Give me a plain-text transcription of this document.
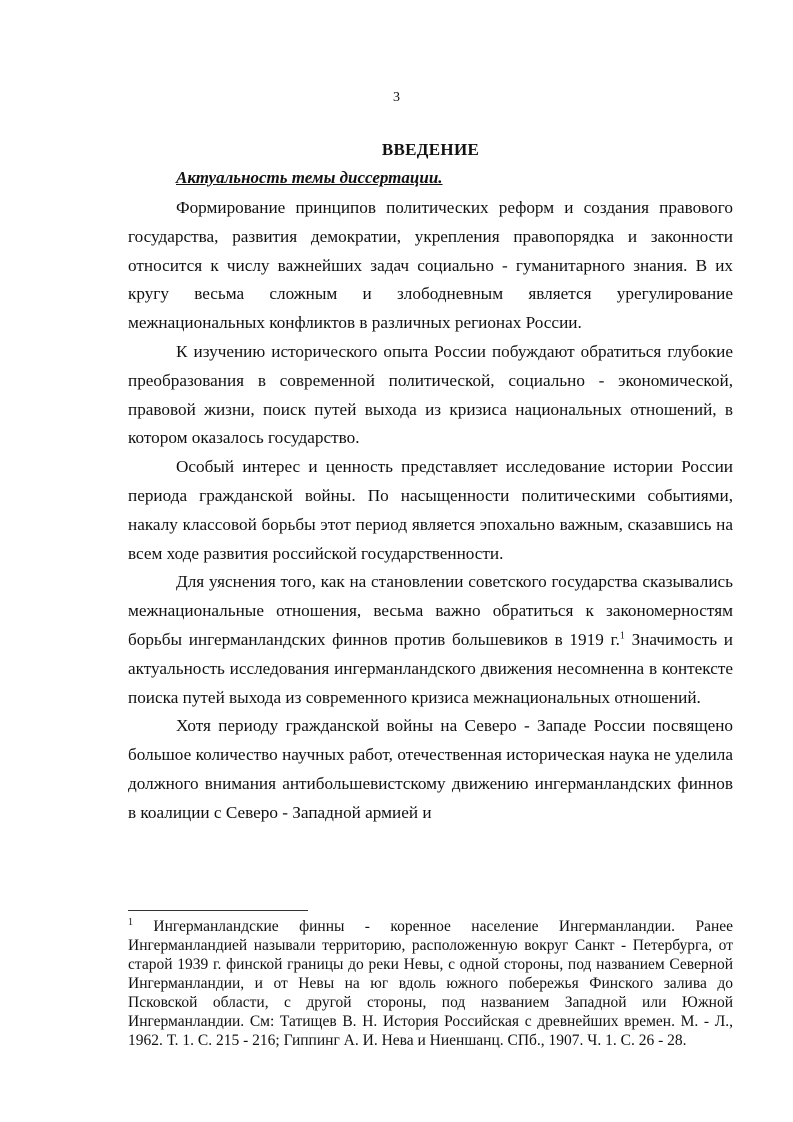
3
ВВЕДЕНИЕ
Актуальность темы диссертации.

Формирование принципов политических реформ и создания правового государства, развития демократии, укрепления правопорядка и законности относится к числу важнейших задач социально - гуманитарного знания. В их кругу весьма сложным и злободневным является урегулирование межнациональных конфликтов в различных регионах России.

К изучению исторического опыта России побуждают обратиться глубокие преобразования в современной политической, социально - экономической, правовой жизни, поиск путей выхода из кризиса национальных отношений, в котором оказалось государство.

Особый интерес и ценность представляет исследование истории России периода гражданской войны. По насыщенности политическими событиями, накалу классовой борьбы этот период является эпохально важным, сказавшись на всем ходе развития российской государственности.

Для уяснения того, как на становлении советского государства сказывались межнациональные отношения, весьма важно обратиться к закономерностям борьбы ингерманландских финнов против большевиков в 1919 г.$^1$ Значимость и актуальность исследования ингерманландского движения несомненна в контексте поиска путей выхода из современного кризиса межнациональных отношений.

Хотя периоду гражданской войны на Северо - Западе России посвящено большое количество научных работ, отечественная историческая наука не уделила должного внимания антибольшевистскому движению ингерманландских финнов в коалиции с Северо - Западной армией и

$^1$ Ингерманландские финны - коренное население Ингерманландии. Ранее Ингерманландией называли территорию, расположенную вокруг Санкт - Петербурга, от старой 1939 г. финской границы до реки Невы, с одной стороны, под названием Северной Ингерманландии, и от Невы на юг вдоль южного побережья Финского залива до Псковской области, с другой стороны, под названием Западной или Южной Ингерманландии. См: Татищев В. Н. История Российская с древнейших времен. М. - Л., 1962. Т. 1. С. 215 - 216; Гиппинг А. И. Нева и Ниеншанц. СПб., 1907. Ч. 1. С. 26 - 28.
